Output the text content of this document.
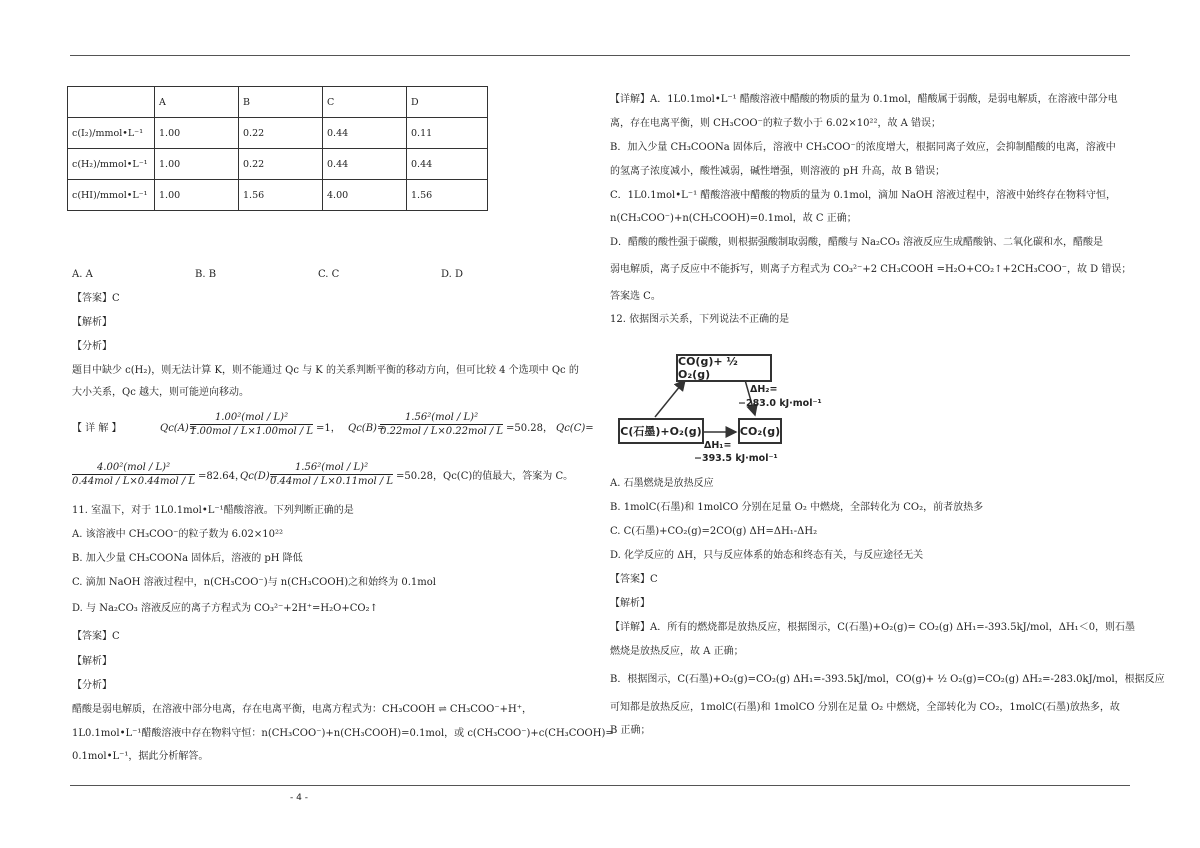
	A	B	C	D
c(I₂)/mmol•L⁻¹	1.00	0.22	0.44	0.11
c(H₂)/mmol•L⁻¹	1.00	0.22	0.44	0.44
c(HI)/mmol•L⁻¹	1.00	1.56	4.00	1.56
A. A	B. B	C. C	D. D
【答案】C
【解析】
【分析】
题目中缺少 c(H₂)，则无法计算 K，则不能通过 Qc 与 K 的关系判断平衡的移动方向，但可比较 4 个选项中 Qc 的
大小关系，Qc 越大，则可能逆向移动。
【 详 解 】	Qc(A)=
1.00²(mol / L)²
1.00mol / L×1.00mol / L =1， Qc(B)=
1.56²(mol / L)²
0.22mol / L×0.22mol / L =50.28， Qc(C)=
4.00²(mol / L)²
0.44mol / L×0.44mol / L =82.64，
Qc(D)=
1.56²(mol / L)²
0.44mol / L×0.11mol / L =50.28，Qc(C)的值最大，答案为 C。
11. 室温下，对于 1L0.1mol•L⁻¹醋酸溶液。下列判断正确的是
A. 该溶液中 CH₃COO⁻的粒子数为 6.02×10²²
B. 加入少量 CH₃COONa 固体后，溶液的 pH 降低
C. 滴加 NaOH 溶液过程中，n(CH₃COO⁻)与 n(CH₃COOH)之和始终为 0.1mol
D. 与 Na₂CO₃ 溶液反应的离子方程式为 CO₃²⁻+2H⁺=H₂O+CO₂↑
【答案】C
【解析】
【分析】
醋酸是弱电解质，在溶液中部分电离，存在电离平衡，电离方程式为：CH₃COOH ⇌ CH₃COO⁻+H⁺，
1L0.1mol•L⁻¹醋酸溶液中存在物料守恒：n(CH₃COO⁻)+n(CH₃COOH)=0.1mol，或 c(CH₃COO⁻)+c(CH₃COOH)=
0.1mol•L⁻¹，据此分析解答。
【详解】A．1L0.1mol•L⁻¹ 醋酸溶液中醋酸的物质的量为 0.1mol，醋酸属于弱酸，是弱电解质，在溶液中部分电
离，存在电离平衡，则 CH₃COO⁻的粒子数小于 6.02×10²²，故 A 错误；
B．加入少量 CH₃COONa 固体后，溶液中 CH₃COO⁻的浓度增大，根据同离子效应，会抑制醋酸的电离，溶液中
的氢离子浓度减小，酸性减弱，碱性增强，则溶液的 pH 升高，故 B 错误；
C．1L0.1mol•L⁻¹ 醋酸溶液中醋酸的物质的量为 0.1mol，滴加 NaOH 溶液过程中，溶液中始终存在物料守恒，
n(CH₃COO⁻)+n(CH₃COOH)=0.1mol，故 C 正确；
D．醋酸的酸性强于碳酸，则根据强酸制取弱酸，醋酸与 Na₂CO₃ 溶液反应生成醋酸钠、二氧化碳和水，醋酸是
弱电解质，离子反应中不能拆写，则离子方程式为 CO₃²⁻+2 CH₃COOH =H₂O+CO₂↑+2CH₃COO⁻，故 D 错误；
答案选 C。
12. 依据图示关系，下列说法不正确的是
CO(g)+ ½ O₂(g)
C(石墨)+O₂(g)	CO₂(g)
ΔH₂=
−283.0 kJ·mol⁻¹
ΔH₁=
−393.5 kJ·mol⁻¹
A. 石墨燃烧是放热反应
B. 1molC(石墨)和 1molCO 分别在足量 O₂ 中燃烧，全部转化为 CO₂，前者放热多
C. C(石墨)+CO₂(g)=2CO(g) ΔH=ΔH₁-ΔH₂
D. 化学反应的 ΔH，只与反应体系的始态和终态有关，与反应途径无关
【答案】C
【解析】
【详解】A．所有的燃烧都是放热反应，根据图示，C(石墨)+O₂(g)= CO₂(g) ΔH₁=-393.5kJ/mol，ΔH₁＜0，则石墨
燃烧是放热反应，故 A 正确；
B．根据图示，C(石墨)+O₂(g)=CO₂(g) ΔH₁=-393.5kJ/mol，CO(g)+ ½ O₂(g)=CO₂(g) ΔH₂=-283.0kJ/mol，根据反应
可知都是放热反应，1molC(石墨)和 1molCO 分别在足量 O₂ 中燃烧，全部转化为 CO₂，1molC(石墨)放热多，故
B 正确；
- 4 -
